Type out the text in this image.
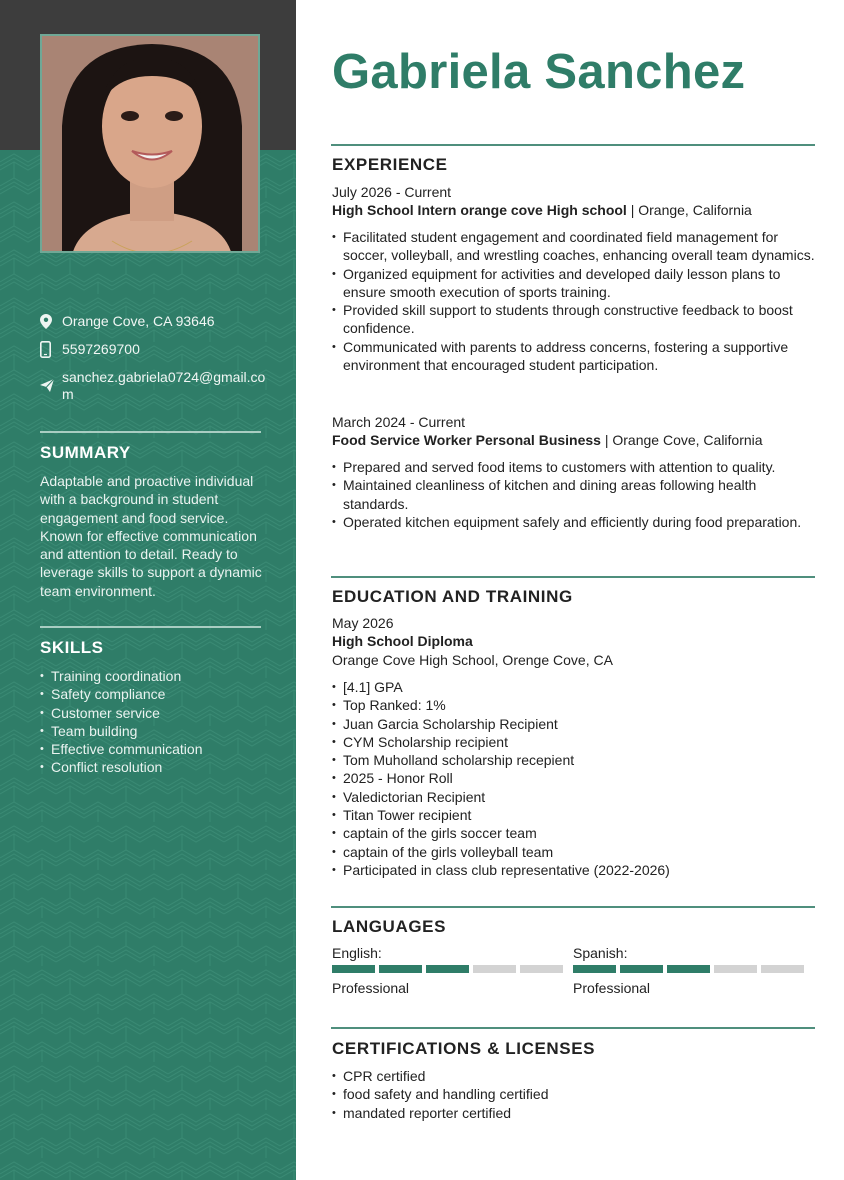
Orange Cove, CA 93646
5597269700
sanchez.gabriela0724@gmail.com
SUMMARY
Adaptable and proactive individual with a background in student engagement and food service. Known for effective communication and attention to detail. Ready to leverage skills to support a dynamic team environment.
SKILLS
• Training coordination
• Safety compliance
• Customer service
• Team building
• Effective communication
• Conflict resolution
Gabriela Sanchez
EXPERIENCE
July 2026 - Current
High School Intern orange cove High school | Orange, California
• Facilitated student engagement and coordinated field management for soccer, volleyball, and wrestling coaches, enhancing overall team dynamics.
• Organized equipment for activities and developed daily lesson plans to ensure smooth execution of sports training.
• Provided skill support to students through constructive feedback to boost confidence.
• Communicated with parents to address concerns, fostering a supportive environment that encouraged student participation.
March 2024 - Current
Food Service Worker Personal Business | Orange Cove, California
• Prepared and served food items to customers with attention to quality.
• Maintained cleanliness of kitchen and dining areas following health standards.
• Operated kitchen equipment safely and efficiently during food preparation.
EDUCATION AND TRAINING
May 2026
High School Diploma
Orange Cove High School, Orenge Cove, CA
• [4.1] GPA
• Top Ranked: 1%
• Juan Garcia Scholarship Recipient
• CYM Scholarship recipient
• Tom Muholland scholarship recepient
• 2025 - Honor Roll
• Valedictorian Recipient
• Titan Tower recipient
• captain of the girls soccer team
• captain of the girls volleyball team
• Participated in class club representative (2022-2026)
LANGUAGES
English:
Professional
Spanish:
Professional
CERTIFICATIONS & LICENSES
• CPR certified
• food safety and handling certified
• mandated reporter certified
